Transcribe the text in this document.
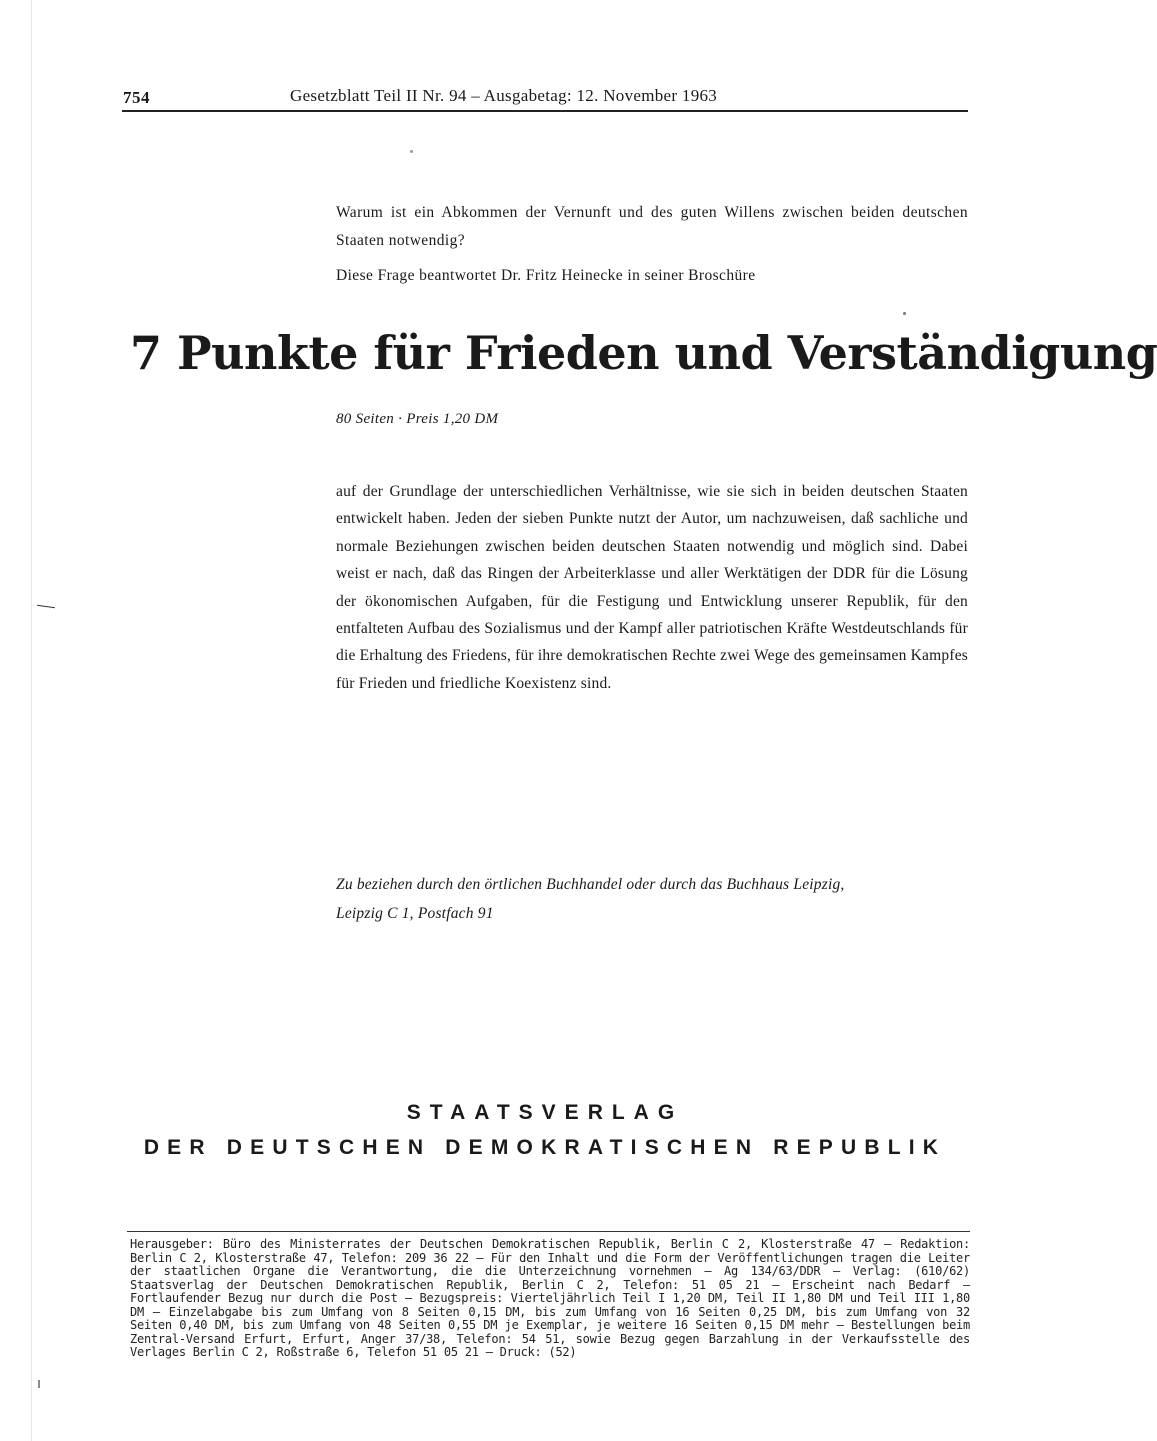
754	Gesetzblatt Teil II Nr. 94 – Ausgabetag: 12. November 1963
Warum ist ein Abkommen der Vernunft und des guten Willens zwischen beiden deutschen Staaten notwendig?
Diese Frage beantwortet Dr. Fritz Heinecke in seiner Broschüre
7 Punkte für Frieden und Verständigung
80 Seiten · Preis 1,20 DM
auf der Grundlage der unterschiedlichen Verhältnisse, wie sie sich in beiden deutschen Staaten entwickelt haben. Jeden der sieben Punkte nutzt der Autor, um nachzuweisen, daß sachliche und normale Beziehungen zwischen beiden deutschen Staaten notwendig und möglich sind. Dabei weist er nach, daß das Ringen der Arbeiterklasse und aller Werktätigen der DDR für die Lösung der ökonomischen Aufgaben, für die Festigung und Entwicklung unserer Republik, für den entfalteten Aufbau des Sozialismus und der Kampf aller patriotischen Kräfte Westdeutschlands für die Erhaltung des Friedens, für ihre demokratischen Rechte zwei Wege des gemeinsamen Kampfes für Frieden und friedliche Koexistenz sind.
Zu beziehen durch den örtlichen Buchhandel oder durch das Buchhaus Leipzig,
Leipzig C 1, Postfach 91
STAATSVERLAG
DER DEUTSCHEN DEMOKRATISCHEN REPUBLIK
Herausgeber: Büro des Ministerrates der Deutschen Demokratischen Republik, Berlin C 2, Klosterstraße 47 — Redaktion: Berlin C 2, Klosterstraße 47, Telefon: 209 36 22 — Für den Inhalt und die Form der Veröffentlichungen tragen die Leiter der staatlichen Organe die Verantwortung, die die Unterzeichnung vornehmen — Ag 134/63/DDR — Verlag: (610/62) Staatsverlag der Deutschen Demokratischen Republik, Berlin C 2, Telefon: 51 05 21 — Erscheint nach Bedarf — Fortlaufender Bezug nur durch die Post — Bezugspreis: Vierteljährlich Teil I 1,20 DM, Teil II 1,80 DM und Teil III 1,80 DM — Einzelabgabe bis zum Umfang von 8 Seiten 0,15 DM, bis zum Umfang von 16 Seiten 0,25 DM, bis zum Umfang von 32 Seiten 0,40 DM, bis zum Umfang von 48 Seiten 0,55 DM je Exemplar, je weitere 16 Seiten 0,15 DM mehr — Bestellungen beim Zentral-Versand Erfurt, Erfurt, Anger 37/38, Telefon: 54 51, sowie Bezug gegen Barzahlung in der Verkaufsstelle des Verlages Berlin C 2, Roßstraße 6, Telefon 51 05 21 — Druck: (52)
